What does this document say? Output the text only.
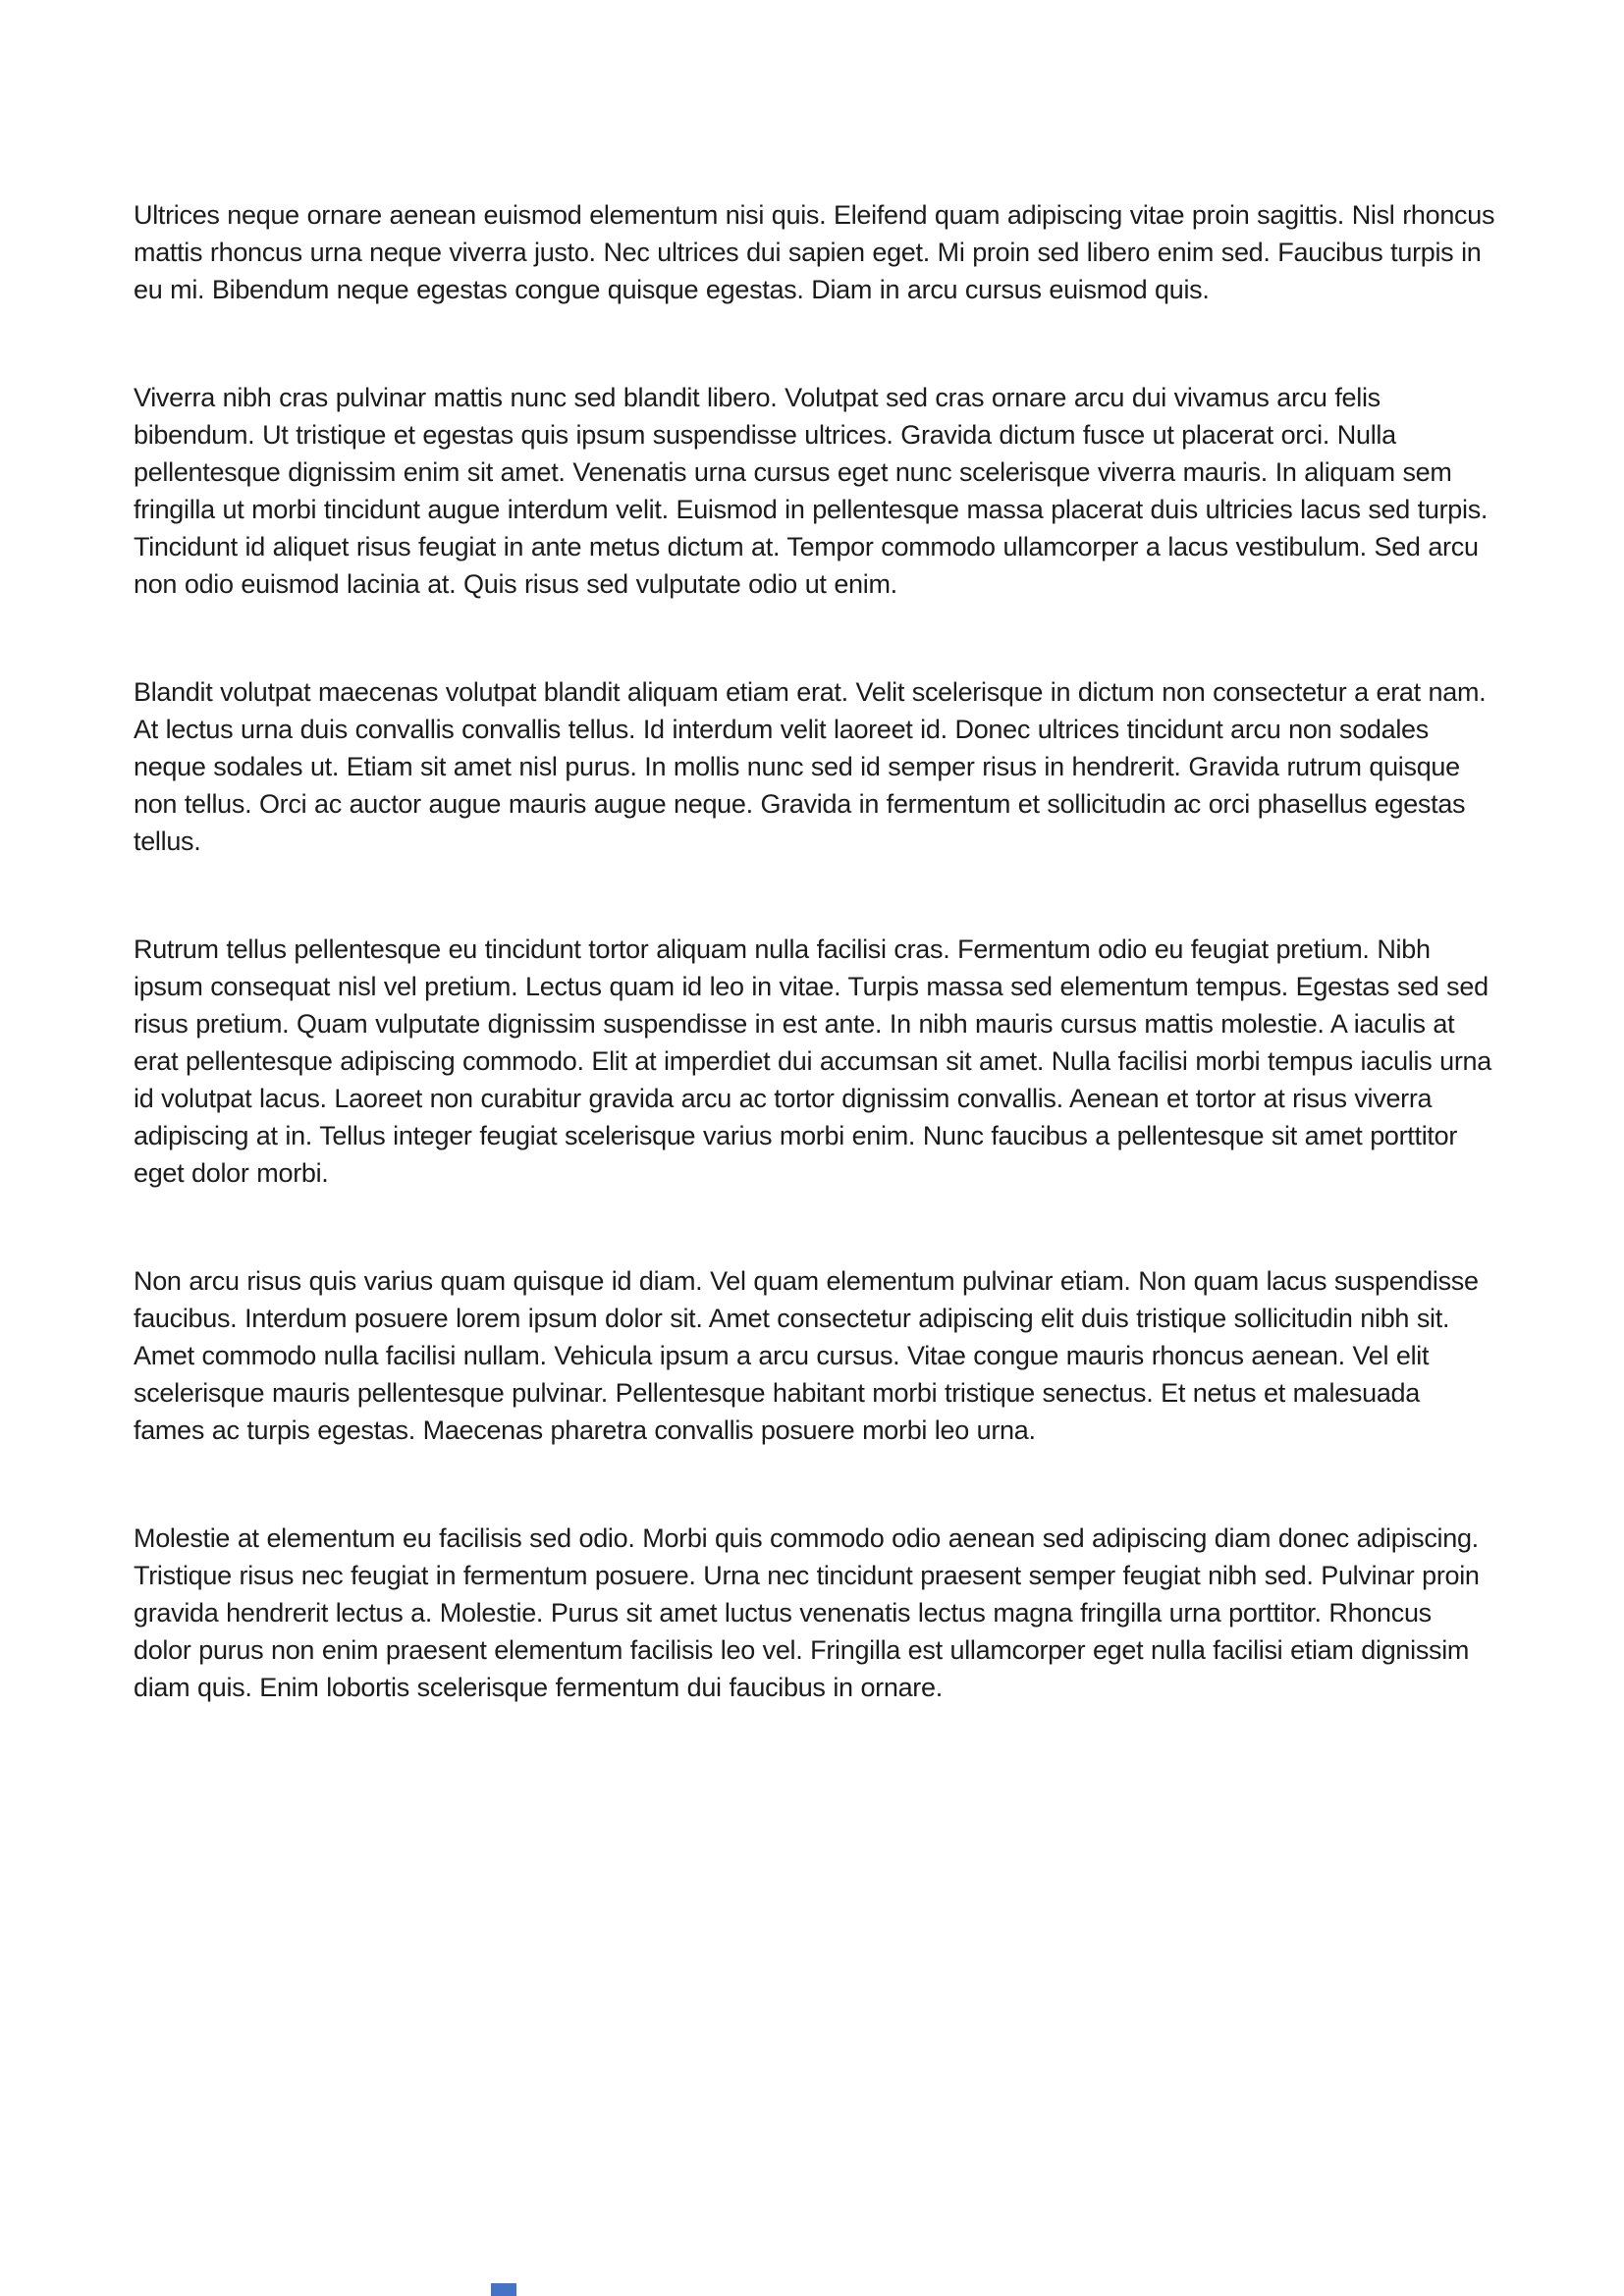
Ultrices neque ornare aenean euismod elementum nisi quis. Eleifend quam adipiscing vitae proin sagittis. Nisl rhoncus mattis rhoncus urna neque viverra justo. Nec ultrices dui sapien eget. Mi proin sed libero enim sed. Faucibus turpis in eu mi. Bibendum neque egestas congue quisque egestas. Diam in arcu cursus euismod quis.

Viverra nibh cras pulvinar mattis nunc sed blandit libero. Volutpat sed cras ornare arcu dui vivamus arcu felis bibendum. Ut tristique et egestas quis ipsum suspendisse ultrices. Gravida dictum fusce ut placerat orci. Nulla pellentesque dignissim enim sit amet. Venenatis urna cursus eget nunc scelerisque viverra mauris. In aliquam sem fringilla ut morbi tincidunt augue interdum velit. Euismod in pellentesque massa placerat duis ultricies lacus sed turpis. Tincidunt id aliquet risus feugiat in ante metus dictum at. Tempor commodo ullamcorper a lacus vestibulum. Sed arcu non odio euismod lacinia at. Quis risus sed vulputate odio ut enim.

Blandit volutpat maecenas volutpat blandit aliquam etiam erat. Velit scelerisque in dictum non consectetur a erat nam. At lectus urna duis convallis convallis tellus. Id interdum velit laoreet id. Donec ultrices tincidunt arcu non sodales neque sodales ut. Etiam sit amet nisl purus. In mollis nunc sed id semper risus in hendrerit. Gravida rutrum quisque non tellus. Orci ac auctor augue mauris augue neque. Gravida in fermentum et sollicitudin ac orci phasellus egestas tellus.

Rutrum tellus pellentesque eu tincidunt tortor aliquam nulla facilisi cras. Fermentum odio eu feugiat pretium. Nibh ipsum consequat nisl vel pretium. Lectus quam id leo in vitae. Turpis massa sed elementum tempus. Egestas sed sed risus pretium. Quam vulputate dignissim suspendisse in est ante. In nibh mauris cursus mattis molestie. A iaculis at erat pellentesque adipiscing commodo. Elit at imperdiet dui accumsan sit amet. Nulla facilisi morbi tempus iaculis urna id volutpat lacus. Laoreet non curabitur gravida arcu ac tortor dignissim convallis. Aenean et tortor at risus viverra adipiscing at in. Tellus integer feugiat scelerisque varius morbi enim. Nunc faucibus a pellentesque sit amet porttitor eget dolor morbi.

Non arcu risus quis varius quam quisque id diam. Vel quam elementum pulvinar etiam. Non quam lacus suspendisse faucibus. Interdum posuere lorem ipsum dolor sit. Amet consectetur adipiscing elit duis tristique sollicitudin nibh sit. Amet commodo nulla facilisi nullam. Vehicula ipsum a arcu cursus. Vitae congue mauris rhoncus aenean. Vel elit scelerisque mauris pellentesque pulvinar. Pellentesque habitant morbi tristique senectus. Et netus et malesuada fames ac turpis egestas. Maecenas pharetra convallis posuere morbi leo urna.

Molestie at elementum eu facilisis sed odio. Morbi quis commodo odio aenean sed adipiscing diam donec adipiscing. Tristique risus nec feugiat in fermentum posuere. Urna nec tincidunt praesent semper feugiat nibh sed. Pulvinar proin gravida hendrerit lectus a. Molestie. Purus sit amet luctus venenatis lectus magna fringilla urna porttitor. Rhoncus dolor purus non enim praesent elementum facilisis leo vel. Fringilla est ullamcorper eget nulla facilisi etiam dignissim diam quis. Enim lobortis scelerisque fermentum dui faucibus in ornare.
